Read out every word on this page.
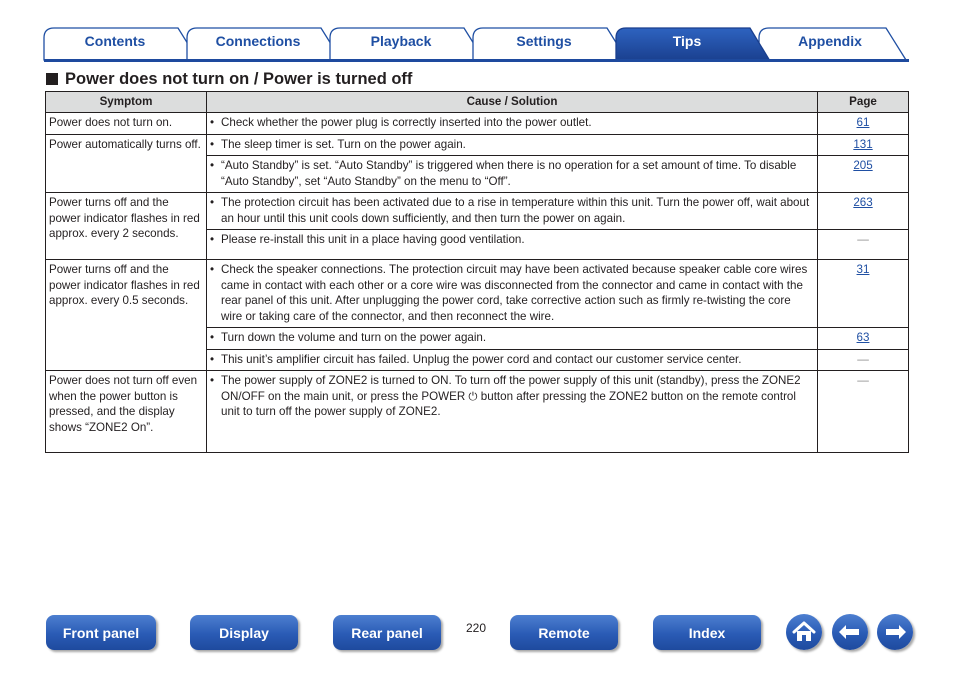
Contents	Connections	Playback	Settings	Tips	Appendix
Power does not turn on / Power is turned off
Symptom	Cause / Solution	Page
Power does not turn on.	• Check whether the power plug is correctly inserted into the power outlet.	61
Power automatically turns off.	• The sleep timer is set. Turn on the power again.	131

	• “Auto Standby” is set. “Auto Standby” is triggered when there is no operation for a set amount of time. To disable “Auto Standby”, set “Auto Standby” on the menu to “Off”.	205
Power turns off and the power indicator flashes in red approx. every 2 seconds.	• The protection circuit has been activated due to a rise in temperature within this unit. Turn the power off, wait about an hour until this unit cools down sufficiently, and then turn the power on again.	263

	• Please re-install this unit in a place having good ventilation.	—
Power turns off and the power indicator flashes in red approx. every 0.5 seconds.	• Check the speaker connections. The protection circuit may have been activated because speaker cable core wires came in contact with each other or a core wire was disconnected from the connector and came in contact with the rear panel of this unit. After unplugging the power cord, take corrective action such as firmly re-twisting the core wire or taking care of the connector, and then reconnect the wire.	31

	• Turn down the volume and turn on the power again.	63

	• This unit’s amplifier circuit has failed. Unplug the power cord and contact our customer service center.	—
Power does not turn off even when the power button is pressed, and the display shows “ZONE2 On”.	• The power supply of ZONE2 is turned to ON. To turn off the power supply of this unit (standby), press the ZONE2 ON/OFF on the main unit, or press the POWER ⏻ button after pressing the ZONE2 button on the remote control unit to turn off the power supply of ZONE2.	—
220
Front panel	Display	Rear panel	Remote	Index
